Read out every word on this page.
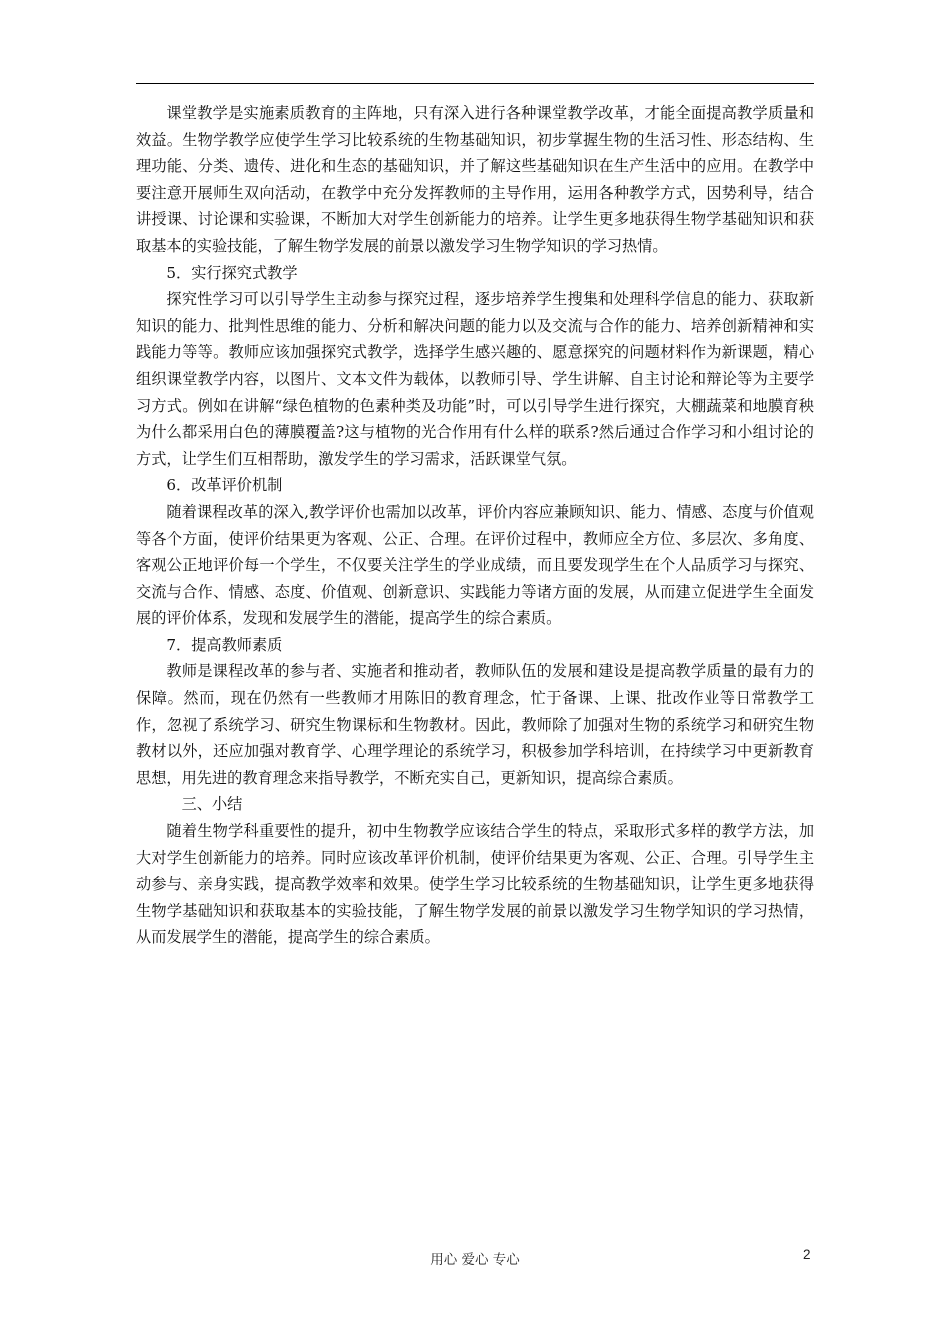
课堂教学是实施素质教育的主阵地，只有深入进行各种课堂教学改革，才能全面提高教学质量和效益。生物学教学应使学生学习比较系统的生物基础知识，初步掌握生物的生活习性、形态结构、生理功能、分类、遗传、进化和生态的基础知识，并了解这些基础知识在生产生活中的应用。在教学中要注意开展师生双向活动，在教学中充分发挥教师的主导作用，运用各种教学方式，因势利导，结合讲授课、讨论课和实验课，不断加大对学生创新能力的培养。让学生更多地获得生物学基础知识和获取基本的实验技能，了解生物学发展的前景以激发学习生物学知识的学习热情。

5．实行探究式教学

探究性学习可以引导学生主动参与探究过程，逐步培养学生搜集和处理科学信息的能力、获取新知识的能力、批判性思维的能力、分析和解决问题的能力以及交流与合作的能力、培养创新精神和实践能力等等。教师应该加强探究式教学，选择学生感兴趣的、愿意探究的问题材料作为新课题，精心组织课堂教学内容，以图片、文本文件为载体，以教师引导、学生讲解、自主讨论和辩论等为主要学习方式。例如在讲解“绿色植物的色素种类及功能”时，可以引导学生进行探究，大棚蔬菜和地膜育秧为什么都采用白色的薄膜覆盖?这与植物的光合作用有什么样的联系?然后通过合作学习和小组讨论的方式，让学生们互相帮助，激发学生的学习需求，活跃课堂气氛。

6．改革评价机制

随着课程改革的深入,教学评价也需加以改革，评价内容应兼顾知识、能力、情感、态度与价值观等各个方面，使评价结果更为客观、公正、合理。在评价过程中，教师应全方位、多层次、多角度、客观公正地评价每一个学生，不仅要关注学生的学业成绩，而且要发现学生在个人品质学习与探究、交流与合作、情感、态度、价值观、创新意识、实践能力等诸方面的发展，从而建立促进学生全面发展的评价体系，发现和发展学生的潜能，提高学生的综合素质。

7．提高教师素质

教师是课程改革的参与者、实施者和推动者，教师队伍的发展和建设是提高教学质量的最有力的保障。然而，现在仍然有一些教师才用陈旧的教育理念，忙于备课、上课、批改作业等日常教学工作，忽视了系统学习、研究生物课标和生物教材。因此，教师除了加强对生物的系统学习和研究生物教材以外，还应加强对教育学、心理学理论的系统学习，积极参加学科培训，在持续学习中更新教育思想，用先进的教育理念来指导教学，不断充实自己，更新知识，提高综合素质。

三、小结

随着生物学科重要性的提升，初中生物教学应该结合学生的特点，采取形式多样的教学方法，加大对学生创新能力的培养。同时应该改革评价机制，使评价结果更为客观、公正、合理。引导学生主动参与、亲身实践，提高教学效率和效果。使学生学习比较系统的生物基础知识，让学生更多地获得生物学基础知识和获取基本的实验技能，了解生物学发展的前景以激发学习生物学知识的学习热情，从而发展学生的潜能，提高学生的综合素质。

用心 爱心 专心	2
